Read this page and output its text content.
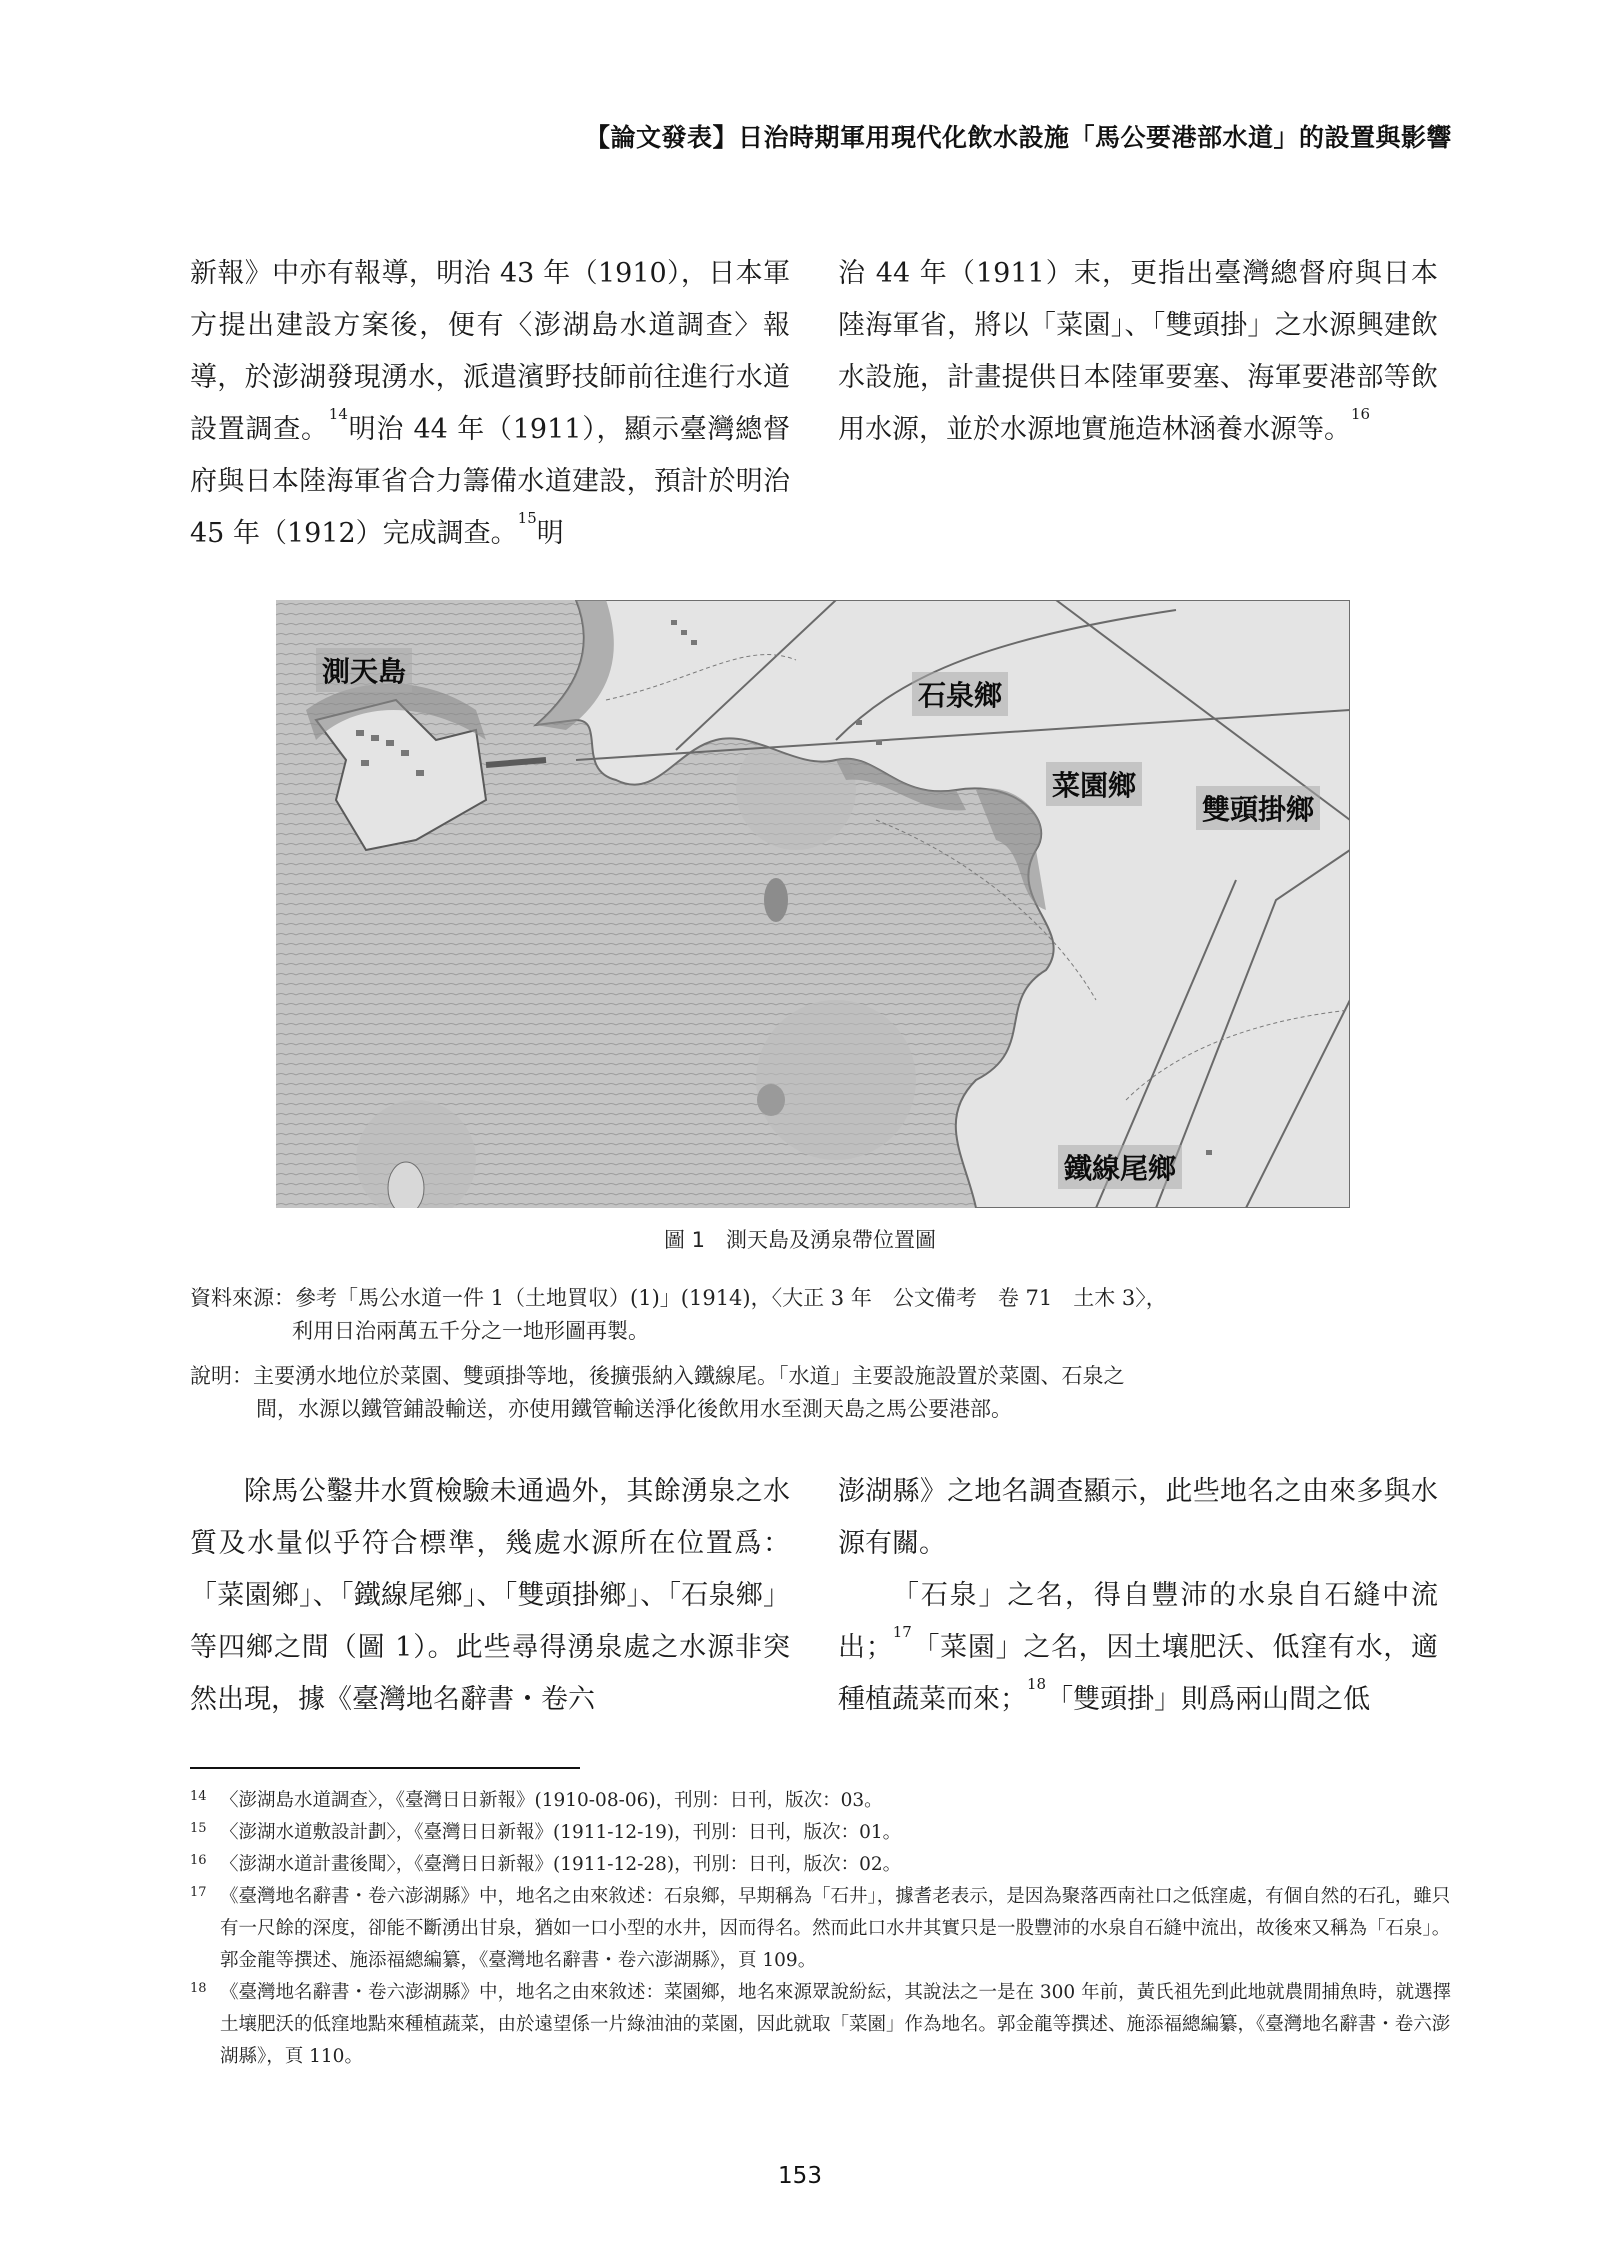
【論文發表】日治時期軍用現代化飲水設施「馬公要港部水道」的設置與影響

新報》中亦有報導，明治 43 年（1910），日本軍方提出建設方案後，便有〈澎湖島水道調查〉報導，於澎湖發現湧水，派遣濱野技師前往進行水道設置調查。$^{14}$明治 44 年（1911），顯示臺灣總督府與日本陸海軍省合力籌備水道建設，預計於明治 45 年（1912）完成調查。$^{15}$明

治 44 年（1911）末，更指出臺灣總督府與日本陸海軍省，將以「菜園」、「雙頭掛」之水源興建飲水設施，計畫提供日本陸軍要塞、海軍要港部等飲用水源，並於水源地實施造林涵養水源等。$^{16}$

測天島
石泉鄉
菜園鄉
雙頭掛鄉
鐵線尾鄉
圖 1　測天島及湧泉帶位置圖
資料來源：參考「馬公水道一件 1（土地買収）(1)」(1914)，〈大正 3 年　公文備考　卷 71　土木 3〉，
利用日治兩萬五千分之一地形圖再製。
說明：主要湧水地位於菜園、雙頭掛等地，後擴張納入鐵線尾。「水道」主要設施設置於菜園、石泉之
間，水源以鐵管鋪設輸送，亦使用鐵管輸送淨化後飲用水至測天島之馬公要港部。

除馬公鑿井水質檢驗未通過外，其餘湧泉之水質及水量似乎符合標準，幾處水源所在位置爲：「菜園鄉」、「鐵線尾鄉」、「雙頭掛鄉」、「石泉鄉」等四鄉之間（圖 1）。此些尋得湧泉處之水源非突然出現，據《臺灣地名辭書・卷六

澎湖縣》之地名調查顯示，此些地名之由來多與水源有關。

「石泉」之名，得自豐沛的水泉自石縫中流出；$^{17}$「菜園」之名，因土壤肥沃、低窪有水，適種植蔬菜而來；$^{18}$「雙頭掛」則爲兩山間之低

14 〈澎湖島水道調查〉，《臺灣日日新報》(1910-08-06)，刊別：日刊，版次：03。
15 〈澎湖水道敷設計劃〉，《臺灣日日新報》(1911-12-19)，刊別：日刊，版次：01。
16 〈澎湖水道計畫後聞〉，《臺灣日日新報》(1911-12-28)，刊別：日刊，版次：02。
17 《臺灣地名辭書・卷六澎湖縣》中，地名之由來敘述：石泉鄉，早期稱為「石井」，據耆老表示，是因為聚落西南社口之低窪處，有個自然的石孔，雖只有一尺餘的深度，卻能不斷湧出甘泉，猶如一口小型的水井，因而得名。然而此口水井其實只是一股豐沛的水泉自石縫中流出，故後來又稱為「石泉」。郭金龍等撰述、施添福總編纂，《臺灣地名辭書・卷六澎湖縣》，頁 109。
18 《臺灣地名辭書・卷六澎湖縣》中，地名之由來敘述：菜園鄉，地名來源眾說紛紜，其說法之一是在 300 年前，黃氏祖先到此地就農閒捕魚時，就選擇土壤肥沃的低窪地點來種植蔬菜，由於遠望係一片綠油油的菜園，因此就取「菜園」作為地名。郭金龍等撰述、施添福總編纂，《臺灣地名辭書・卷六澎湖縣》，頁 110。
153
